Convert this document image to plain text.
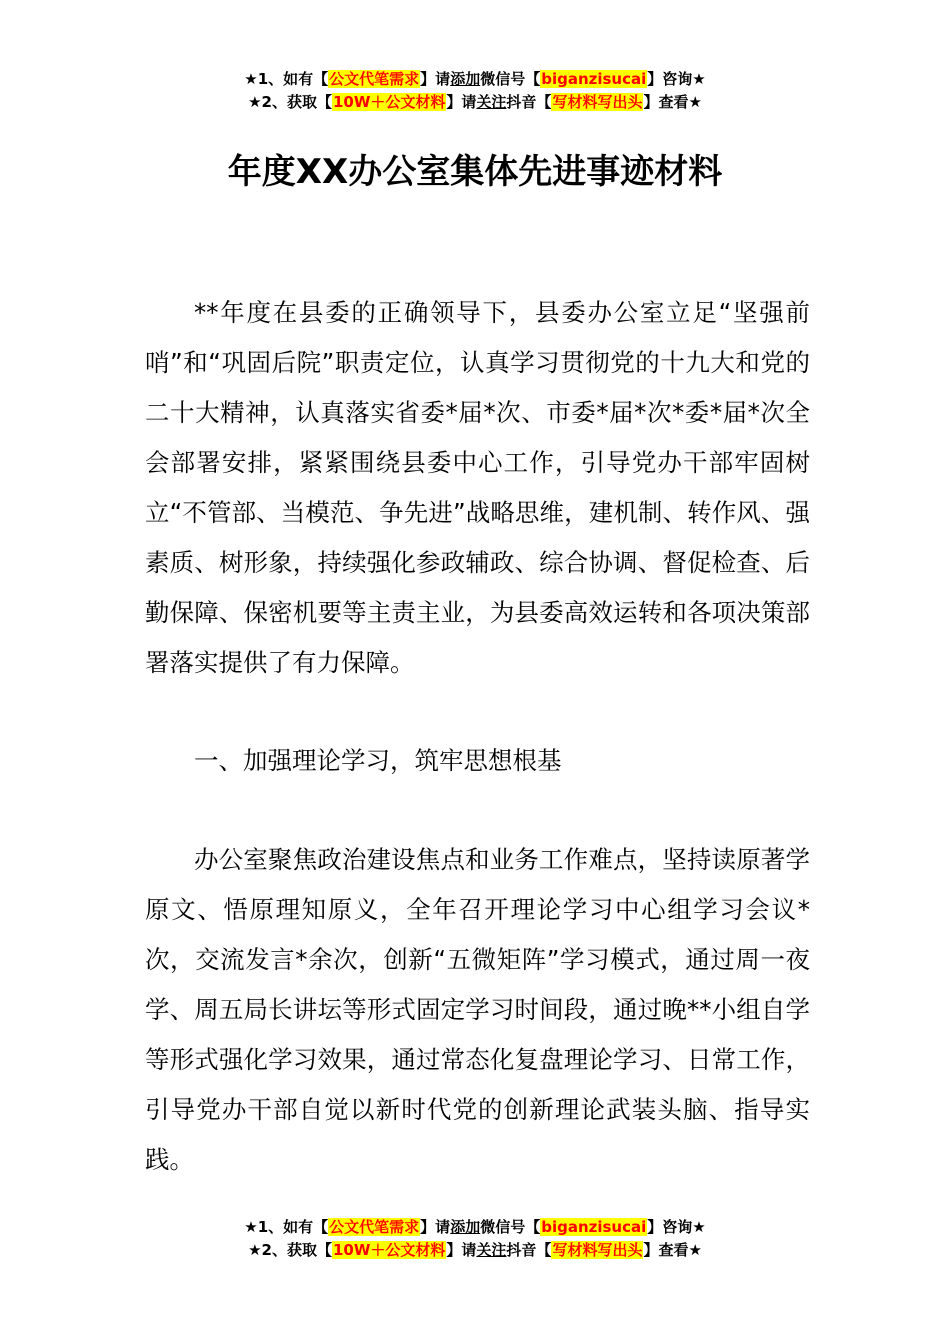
★1、如有【公文代笔需求】请添加微信号【biganzisucai】咨询★
★2、获取【10W＋公文材料】请关注抖音【写材料写出头】查看★
年度XX办公室集体先进事迹材料
**年度在县委的正确领导下，县委办公室立足“坚强前哨”和“巩固后院”职责定位，认真学习贯彻党的十九大和党的二十大精神，认真落实省委*届*次、市委*届*次*委*届*次全会部署安排，紧紧围绕县委中心工作，引导党办干部牢固树立“不管部、当模范、争先进”战略思维，建机制、转作风、强素质、树形象，持续强化参政辅政、综合协调、督促检查、后勤保障、保密机要等主责主业，为县委高效运转和各项决策部署落实提供了有力保障。
一、加强理论学习，筑牢思想根基
办公室聚焦政治建设焦点和业务工作难点，坚持读原著学原文、悟原理知原义，全年召开理论学习中心组学习会议*次，交流发言*余次，创新“五微矩阵”学习模式，通过周一夜学、周五局长讲坛等形式固定学习时间段，通过晚**小组自学等形式强化学习效果，通过常态化复盘理论学习、日常工作，引导党办干部自觉以新时代党的创新理论武装头脑、指导实践。
★1、如有【公文代笔需求】请添加微信号【biganzisucai】咨询★
★2、获取【10W＋公文材料】请关注抖音【写材料写出头】查看★
